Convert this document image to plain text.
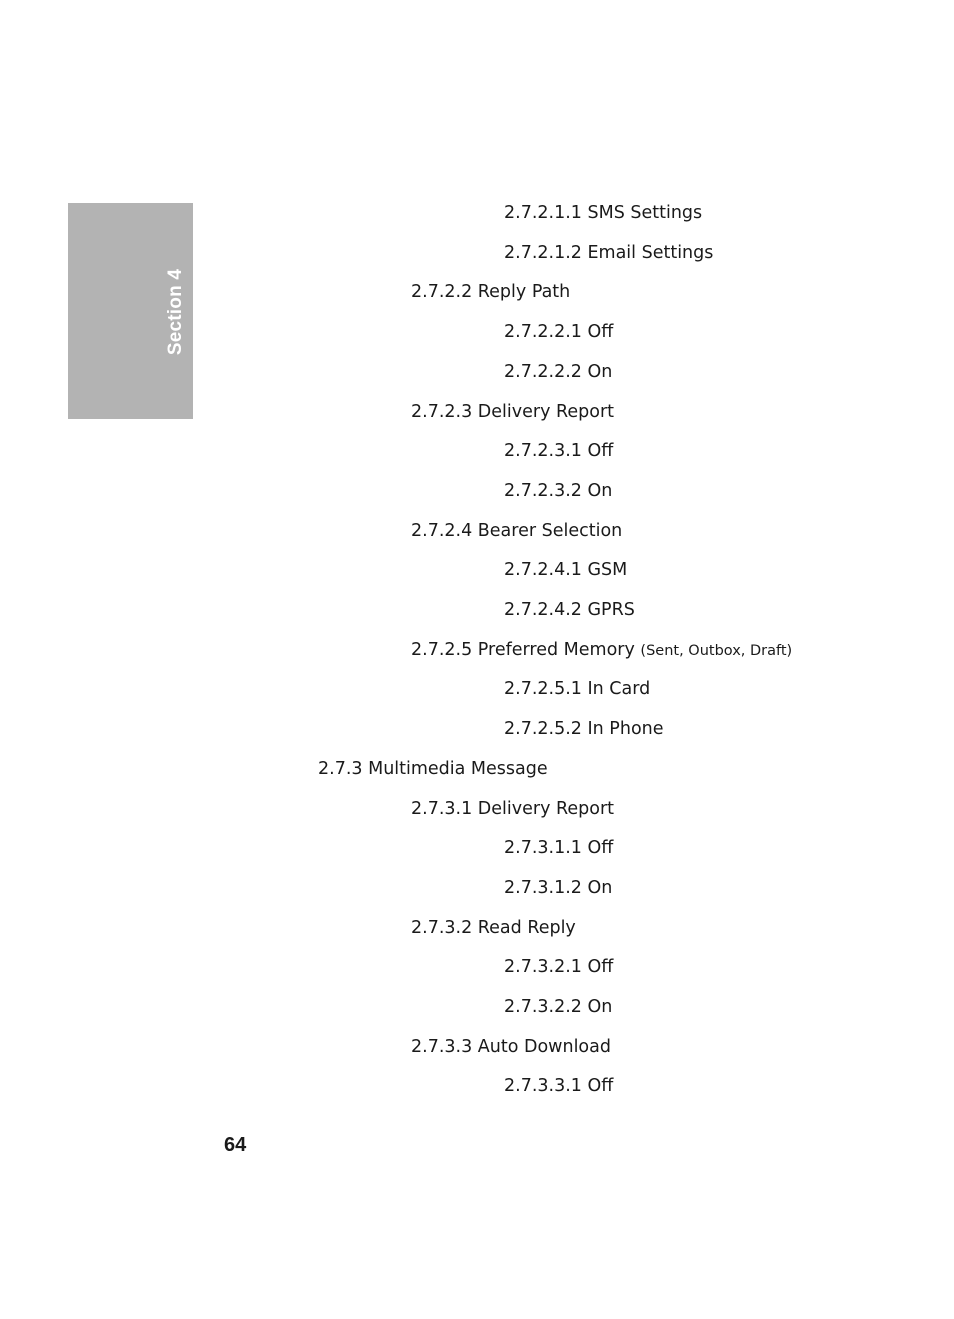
Section 4
2.7.2.1.1 SMS Settings
2.7.2.1.2 Email Settings
2.7.2.2 Reply Path
2.7.2.2.1 Off
2.7.2.2.2 On
2.7.2.3 Delivery Report
2.7.2.3.1 Off
2.7.2.3.2 On
2.7.2.4 Bearer Selection
2.7.2.4.1 GSM
2.7.2.4.2 GPRS
2.7.2.5 Preferred Memory (Sent, Outbox, Draft)
2.7.2.5.1 In Card
2.7.2.5.2 In Phone
2.7.3 Multimedia Message
2.7.3.1 Delivery Report
2.7.3.1.1 Off
2.7.3.1.2 On
2.7.3.2 Read Reply
2.7.3.2.1 Off
2.7.3.2.2 On
2.7.3.3 Auto Download
2.7.3.3.1 Off
64
